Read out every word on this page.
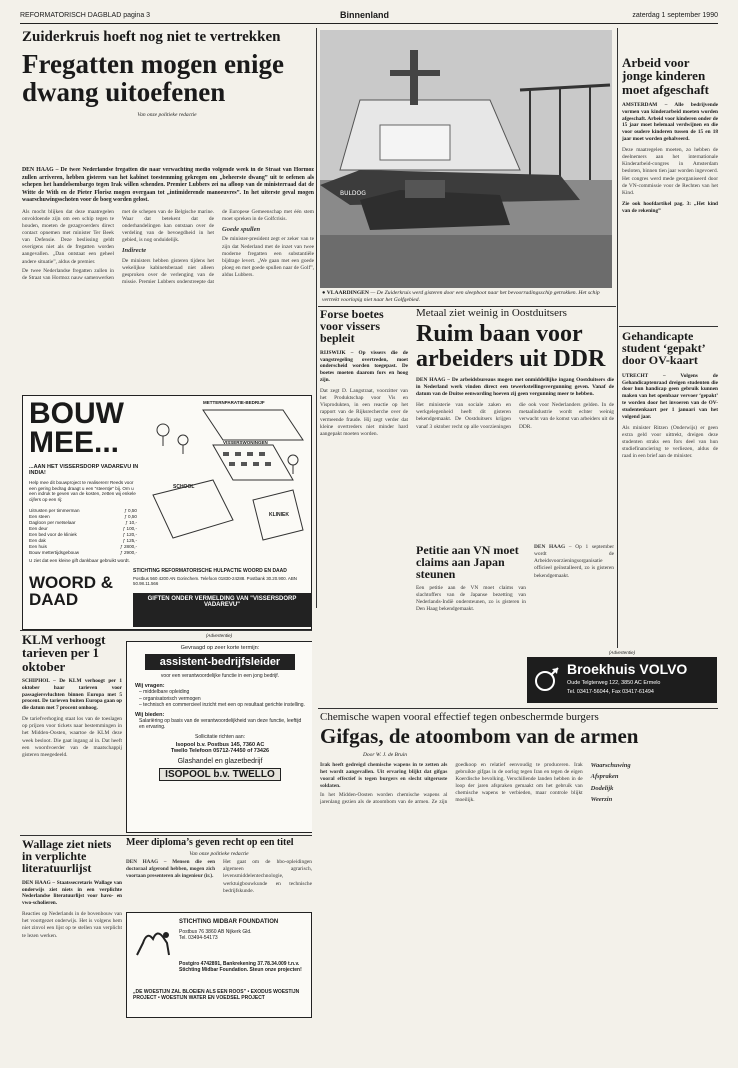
REFORMATORISCH DAGBLAD pagina 3	Binnenland	zaterdag 1 september 1990
Zuiderkruis hoeft nog niet te vertrekken
Fregatten mogen enige dwang uitoefenen
Van onze politieke redactie
DEN HAAG – De twee Nederlandse fregatten die naar verwachting medio volgende week in de Straat van Hormoz zullen arriveren, hebben gisteren van het kabinet toestemming gekregen om „beheerste dwang” uit te oefenen als schepen het handelsembargo tegen Irak willen schenden. Premier Lubbers zei na afloop van de ministerraad dat de Witte de With en de Pieter Florisz mogen overgaan tot „intimiderende manoeuvres”. In het uiterste geval mogen waarschuwingsschoten voor de boeg worden gelost.

Als mocht blijken dat deze maatregelen onvoldoende zijn om een schip tegen te houden, moeten de gezagvoerders direct contact opnemen met minister Ter Beek van Defensie. Deze beslissing geldt overigens niet als de fregatten worden aangevallen. „Dan ontstaat een geheel andere situatie”, aldus de premier.

De twee Nederlandse fregatten zullen in de Straat van Hormoz nauw samenwerken met de schepen van de Belgische marine. Waar dat betekent dat de onderhandelingen kan ontstaan over de verdeling van de bevoegdheid in het gebied, is nog onduidelijk.

Indirecte

De ministers hebben gisteren tijdens het wekelijkse kabinetsberaad niet alleen gesproken over de verlenging van de missie. Premier Lubbers onderstreepte dat de Europese Gemeenschap met één stem moet spreken in de Golfcrisis.

Goede spullen

De minister-president zegt er zeker van te zijn dat Nederland met de inzet van twee moderne fregatten een substantiële bijdrage levert. „We gaan met een goede ploeg en met goede spullen naar de Golf”, aldus Lubbers.

BULDOG
● VLAARDINGEN — De Zuiderkruis werd gisteren door een sleepboot naar het bevoorradingsschip getrokken. Het schip vertrekt voorlopig niet naar het Golfgebied.
Arbeid voor jonge kinderen moet afgeschaft
AMSTERDAM – Alle bedrijvende vormen van kinderarbeid moeten worden afgeschaft. Arbeid voor kinderen onder de 15 jaar moet helemaal verdwijnen en die voor oudere kinderen tussen de 15 en 18 jaar moet worden gehalveerd.
Deze maatregelen moeten, zo hebben de deelnemers aan het internationale Kinderarbeid-congres in Amsterdam besloten, binnen tien jaar worden ingevoerd. Het congres werd mede georganiseerd door de VN-commissie voor de Rechten van het Kind.
Zie ook hoofdartikel pag. 3: „Het kind van de rekening”
Gehandicapte student ‘gepakt’ door OV-kaart
UTRECHT – Volgens de Gehandicaptenraad dreigen studenten die door hun handicap geen gebruik kunnen maken van het openbaar vervoer ‘gepakt’ te worden door het invoeren van de OV-studentenkaart per 1 januari van het volgend jaar.
Als minister Ritzen (Onderwijs) er geen extra geld voor uittrekt, dreigen deze studenten straks een fors deel van hun studiefinanciering te verliezen, aldus de raad in een brief aan de minister.
Forse boetes voor vissers bepleit
RIJSWIJK – Op vissers die de vangstregeling overtreden, moet onderscheid worden toegepast. De boetes moeten daarom fors en hoog zijn.
Dat zegt D. Langstraat, voorzitter van het Produktschap voor Vis en Visprodukten, in een reactie op het rapport van de Rijksrecherche over de vermeende fraude. Hij zegt verder dat kleine overtreders niet minder hard aangepakt moeten worden.
Metaal ziet weinig in Oostduitsers
Ruim baan voor arbeiders uit DDR
DEN HAAG – De arbeidsbureaus mogen met onmiddellijke ingang Oostduitsers die in Nederland werk vinden direct een tewerkstellingsvergunning geven. Vanaf de datum van de Duitse eenwording hoeven zij geen vergunning meer te hebben.
Het ministerie van sociale zaken en werkgelegenheid heeft dit gisteren bekendgemaakt. De Oostduitsers krijgen vanaf 3 oktober recht op alle voorzieningen die ook voor Nederlanders gelden. In de metaalindustrie wordt echter weinig verwacht van de komst van arbeiders uit de DDR.
Petitie aan VN moet claims aan Japan steunen
Een petitie aan de VN moet claims van slachtoffers van de Japanse bezetting van Nederlands-Indië ondersteunen, zo is gisteren in Den Haag bekendgemaakt.
DEN HAAG – Op 1 september wordt de Arbeidsvoorzieningsorganisatie officieel geïnstalleerd, zo is gisteren bekendgemaakt.
BOUW
MEE...
...AAN HET VISSERSDORP VADAREVU IN INDIA!
Help mee dit bouwproject te realiseren! Reeds voor een gering bedrag draagt u een "steentje" bij. Om u een indruk te geven van de kosten, zetten wij enkele cijfers op een rij:
Uitrusten per timmerman	ƒ 0,50
Een steen	ƒ 0,50
Dagloon per metselaar	ƒ 10,-
Een deur	ƒ 100,-
Een bed voor de kliniek	ƒ 120,-
Een dak	ƒ 125,-
Een huis	ƒ 2800,-
Bouw mettertijdsgebouw	ƒ 2900,-
U ziet dat een kleine gift dankbaar gebruikt wordt.
METTERNPARATIE-BEDRIJF
VISSERSWONINGEN
SCHOOL
KLINIEK
WOORD & DAAD
STICHTING REFORMATORISCHE HULPACTIE WOORD EN DAAD
Postbus 560 4200 AN Gorinchem. Telefoon 01830-24288. Postbank 30.20.900. ABN 50.98.11.566
GIFTEN ONDER VERMELDING VAN "VISSERSDORP VADAREVU"
KLM verhoogt tarieven per 1 oktober
SCHIPHOL – De KLM verhoogt per 1 oktober haar tarieven voor passagiersvluchten binnen Europa met 5 procent. De tarieven buiten Europa gaan op die datum met 7 procent omhoog.
De tariefverhoging staat los van de toeslagen op prijzen voor tickets naar bestemmingen in het Midden-Oosten, waartoe de KLM deze week besloot. Die gaat ingang al in. Dat heeft een woordvoerder van de maatschappij gisteren meegedeeld.
(Advertentie)
Gevraagd op zeer korte termijn:
assistent-bedrijfsleider
voor een verantwoordelijke functie in een jong bedrijf.
Wij vragen:
– middelbare opleiding
– organisatorisch vermogen
– technisch en commercieel inzicht met een op resultaat gerichte instelling.
Wij bieden:
Salariëring op basis van de verantwoordelijkheid van deze functie, leeftijd en ervaring.
Sollicitatie richten aan:
Isopool b.v. Postbus 145, 7360 AC Twello Telefoon 05712-74450 of 73426
Glashandel en glazetbedrijf
ISOPOOL b.v. TWELLO
Wallage ziet niets in verplichte literatuurlijst
DEN HAAG – Staatssecretaris Wallage van onderwijs ziet niets in een verplichte Nederlandse literatuurlijst voor havo- en vwo-scholieren.
Reacties op Nederlands in de bovenbouw van het voortgezet onderwijs. Het is volgens hem niet zinvol een lijst op te stellen van verplicht te lezen werken.
Meer diploma’s geven recht op een titel
Van onze politieke redactie

DEN HAAG – Mensen die een doctoraal afgerond hebben, mogen zich voortaan presenteren als ingenieur (ir.).

Het gaat om de hbo-opleidingen algemeen agrarisch, levensmiddelentechnologie, werktuigbouwkunde en technische bedrijfskunde.

STICHTING MIDBAR FOUNDATION
Postbus 76 3860 AB Nijkerk Gld. Tel. 03494-54173
Postgiro 4742891, Bankrekening 37.78.34.009 t.n.v. Stichting Midbar Foundation. Steun onze projecten!
„DE WOESTIJN ZAL BLOEIEN ALS EEN ROOS” • EXODUS WOESTIJN PROJECT • WOESTIJN WATER EN VOEDSEL PROJECT
(Advertentie)
Broekhuis VOLVO
Oude Telgterweg 122, 3850 AC Ermelo
Tel. 03417-56044, Fax 03417-61494
Chemische wapen vooral effectief tegen onbeschermde burgers
Gifgas, de atoombom van de armen
Door W. J. de Bruin

Irak heeft gedreigd chemische wapens in te zetten als het wordt aangevallen. Uit ervaring blijkt dat gifgas vooral effectief is tegen burgers en slecht uitgeruste soldaten.

In het Midden-Oosten worden chemische wapens al jarenlang gezien als de atoombom van de armen. Ze zijn goedkoop en relatief eenvoudig te produceren. Irak gebruikte gifgas in de oorlog tegen Iran en tegen de eigen Koerdische bevolking. Verschillende landen hebben in de loop der jaren afspraken gemaakt om het gebruik van chemische wapens te verbieden, maar controle blijkt moeilijk.

Waarschuwing
Afspraken
Dodelijk
Weerzin
